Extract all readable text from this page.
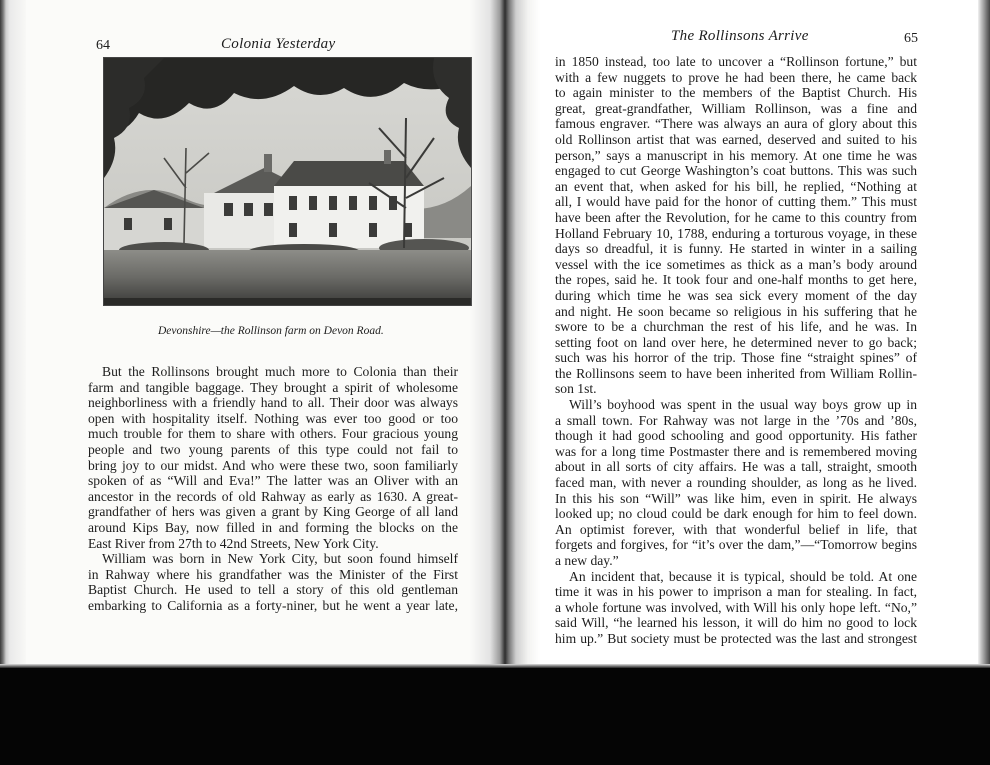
64	Colonia Yesterday
Devonshire—the Rollinson farm on Devon Road.
But the Rollinsons brought much more to Colonia than their
farm and tangible baggage. They brought a spirit of wholesome
neighborliness with a friendly hand to all. Their door was always
open with hospitality itself. Nothing was ever too good or too
much trouble for them to share with others. Four gracious young
people and two young parents of this type could not fail to
bring joy to our midst. And who were these two, soon familiarly
spoken of as “Will and Eva!” The latter was an Oliver with an
ancestor in the records of old Rahway as early as 1630. A great-
grandfather of hers was given a grant by King George of all land
around Kips Bay, now filled in and forming the blocks on the
East River from 27th to 42nd Streets, New York City.
William was born in New York City, but soon found himself
in Rahway where his grandfather was the Minister of the First
Baptist Church. He used to tell a story of this old gentleman
embarking to California as a forty-niner, but he went a year late,
The Rollinsons Arrive	65
in 1850 instead, too late to uncover a “Rollinson fortune,” but
with a few nuggets to prove he had been there, he came back
to again minister to the members of the Baptist Church. His
great, great-grandfather, William Rollinson, was a fine and
famous engraver. “There was always an aura of glory about this
old Rollinson artist that was earned, deserved and suited to his
person,” says a manuscript in his memory. At one time he was
engaged to cut George Washington’s coat buttons. This was such
an event that, when asked for his bill, he replied, “Nothing at
all, I would have paid for the honor of cutting them.” This must
have been after the Revolution, for he came to this country from
Holland February 10, 1788, enduring a torturous voyage, in these
days so dreadful, it is funny. He started in winter in a sailing
vessel with the ice sometimes as thick as a man’s body around
the ropes, said he. It took four and one-half months to get here,
during which time he was sea sick every moment of the day
and night. He soon became so religious in his suffering that he
swore to be a churchman the rest of his life, and he was. In
setting foot on land over here, he determined never to go back;
such was his horror of the trip. Those fine “straight spines” of
the Rollinsons seem to have been inherited from William Rollin-
son 1st.
Will’s boyhood was spent in the usual way boys grow up in
a small town. For Rahway was not large in the ’70s and ’80s,
though it had good schooling and good opportunity. His father
was for a long time Postmaster there and is remembered moving
about in all sorts of city affairs. He was a tall, straight, smooth
faced man, with never a rounding shoulder, as long as he lived.
In this his son “Will” was like him, even in spirit. He always
looked up; no cloud could be dark enough for him to feel down.
An optimist forever, with that wonderful belief in life, that
forgets and forgives, for “it’s over the dam,”—“Tomorrow begins
a new day.”
An incident that, because it is typical, should be told. At one
time it was in his power to imprison a man for stealing. In fact,
a whole fortune was involved, with Will his only hope left. “No,”
said Will, “he learned his lesson, it will do him no good to lock
him up.” But society must be protected was the last and strongest
